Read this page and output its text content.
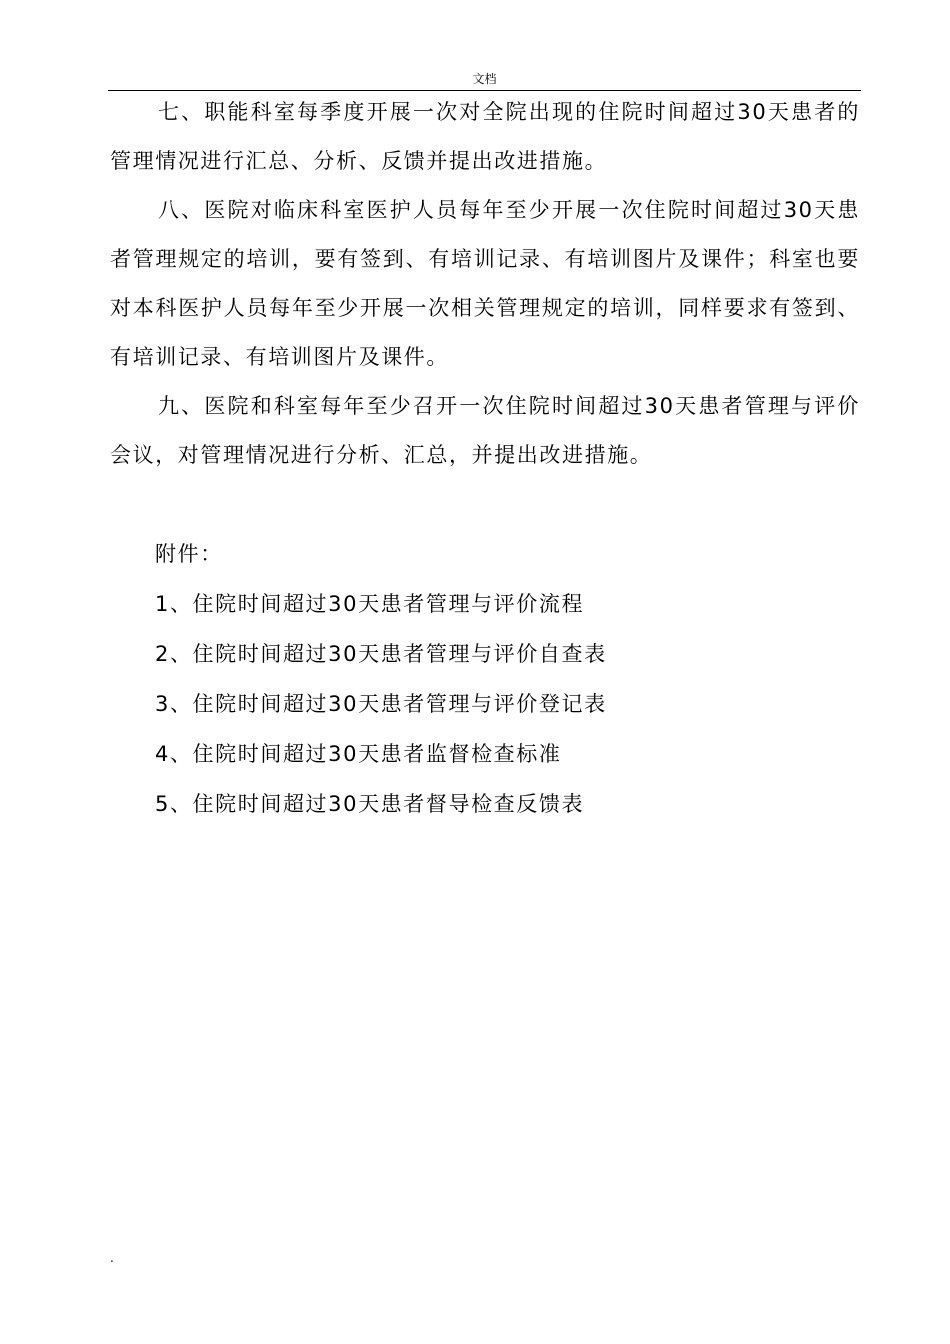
文档

七、职能科室每季度开展一次对全院出现的住院时间超过30天患者的管理情况进行汇总、分析、反馈并提出改进措施。

八、医院对临床科室医护人员每年至少开展一次住院时间超过30天患者管理规定的培训，要有签到、有培训记录、有培训图片及课件；科室也要对本科医护人员每年至少开展一次相关管理规定的培训，同样要求有签到、有培训记录、有培训图片及课件。

九、医院和科室每年至少召开一次住院时间超过30天患者管理与评价会议，对管理情况进行分析、汇总，并提出改进措施。

附件：

1、住院时间超过30天患者管理与评价流程

2、住院时间超过30天患者管理与评价自查表

3、住院时间超过30天患者管理与评价登记表

4、住院时间超过30天患者监督检查标准

5、住院时间超过30天患者督导检查反馈表

.
